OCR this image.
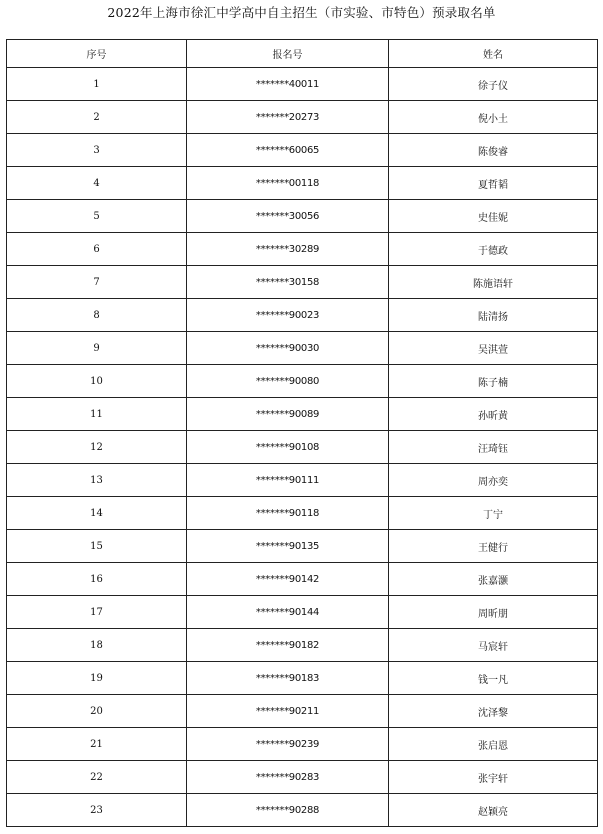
2022年上海市徐汇中学高中自主招生（市实验、市特色）预录取名单
序号	报名号	姓名
1	*******40011	徐子仪
2	*******20273	倪小土
3	*******60065	陈俊睿
4	*******00118	夏哲韬
5	*******30056	史佳妮
6	*******30289	于德政
7	*******30158	陈施语轩
8	*******90023	陆清扬
9	*******90030	吴淇萱
10	*******90080	陈子楠
11	*******90089	孙昕黄
12	*******90108	汪琦钰
13	*******90111	周亦奕
14	*******90118	丁宁
15	*******90135	王健行
16	*******90142	张嘉灏
17	*******90144	周昕朋
18	*******90182	马宸轩
19	*******90183	钱一凡
20	*******90211	沈泽黎
21	*******90239	张启恩
22	*******90283	张宇轩
23	*******90288	赵颖亮
